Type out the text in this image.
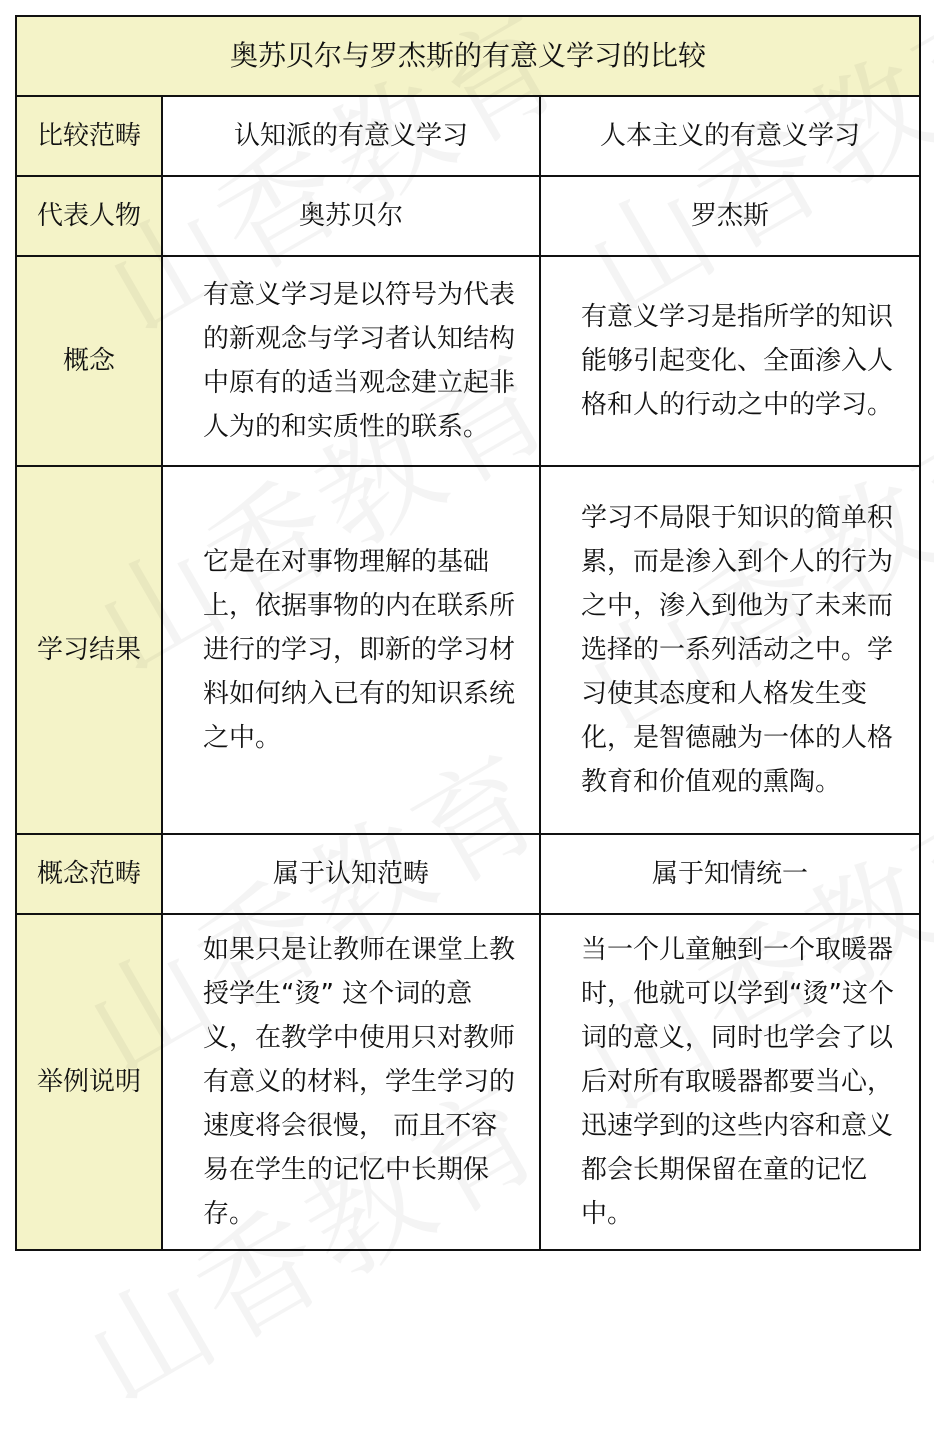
奥苏贝尔与罗杰斯的有意义学习的比较		
比较范畴	认知派的有意义学习	人本主义的有意义学习
代表人物	奥苏贝尔	罗杰斯
概念	有意义学习是以符号为代表的新观念与学习者认知结构中原有的适当观念建立起非人为的和实质性的联系。	有意义学习是指所学的知识能够引起变化、全面渗入人格和人的行动之中的学习。
学习结果	它是在对事物理解的基础上，依据事物的内在联系所进行的学习，即新的学习材料如何纳入已有的知识系统之中。	学习不局限于知识的简单积累，而是渗入到个人的行为之中，渗入到他为了未来而选择的一系列活动之中。学习使其态度和人格发生变化，是智德融为一体的人格教育和价值观的熏陶。
概念范畴	属于认知范畴	属于知情统一
举例说明	如果只是让教师在课堂上教授学生“烫” 这个词的意义，在教学中使用只对教师有意义的材料，学生学习的速度将会很慢， 而且不容易在学生的记忆中长期保存。	当一个儿童触到一个取暖器时，他就可以学到“烫”这个词的意义，同时也学会了以后对所有取暖器都要当心，迅速学到的这些内容和意义都会长期保留在童的记忆中。
